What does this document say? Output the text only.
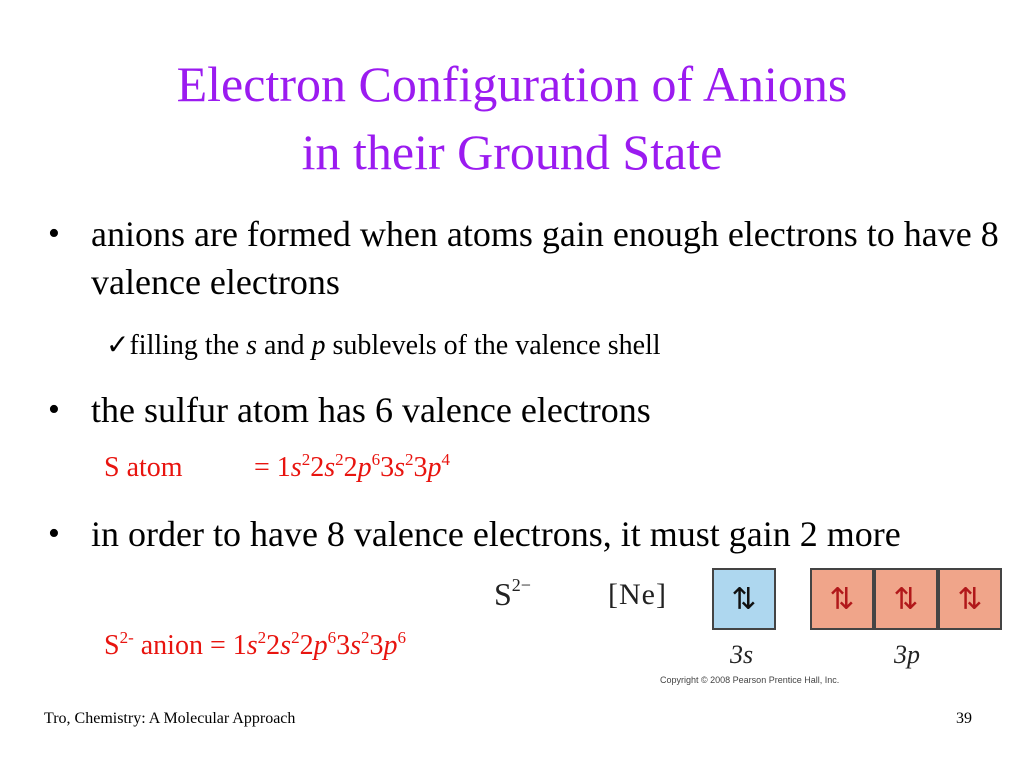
Electron Configuration of Anions
in their Ground State
• anions are formed when atoms gain enough electrons to have 8 valence electrons
✓filling the s and p sublevels of the valence shell
• the sulfur atom has 6 valence electrons
S atom	= $1s^22s^22p^63s^23p^4$
• in order to have 8 valence electrons, it must gain 2 more
$S^{2-}$ anion = $1s^22s^22p^63s^23p^6$
$S^{2-}$	[Ne] ⇅ ⇅ ⇅ ⇅
3s	3p
Copyright © 2008 Pearson Prentice Hall, Inc.
Tro, Chemistry: A Molecular Approach	39
